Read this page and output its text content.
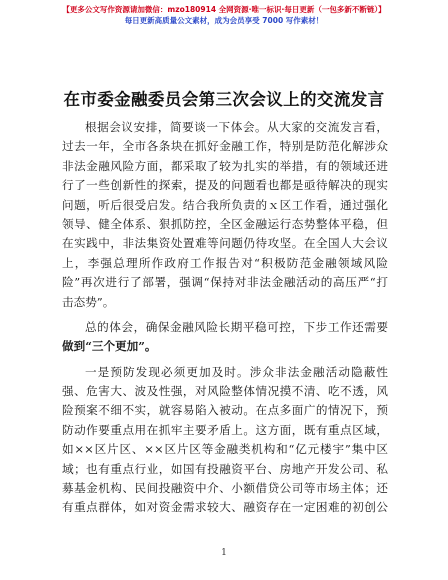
【更多公文写作资源请加微信：mzo180914 全网资源·唯一标识·每日更新（一包多新不断链）】
每日更新高质量公文素材，成为会员享受 7000 写作素材！
在市委金融委员会第三次会议上的交流发言
根据会议安排，简要谈一下体会。从大家的交流发言看，
过去一年，全市各条块在抓好金融工作，特别是防范化解涉众
非法金融风险方面，都采取了较为扎实的举措，有的领域还进
行了一些创新性的探索，提及的问题看也都是亟待解决的现实
问题，听后很受启发。结合我所负责的ｘ区工作看，通过强化
领导、健全体系、狠抓防控，全区金融运行态势整体平稳，但
在实践中，非法集资处置难等问题仍待攻坚。在全国人大会议
上，李强总理所作政府工作报告对“积极防范金融领域风险
险”再次进行了部署，强调“保持对非法金融活动的高压严“打
击态势”。
总的体会，确保金融风险长期平稳可控，下步工作还需要
做到“三个更加”。
一是预防发现必须更加及时。涉众非法金融活动隐蔽性
强、危害大、波及性强，对风险整体情况摸不清、吃不透，风
险预案不细不实，就容易陷入被动。在点多面广的情况下，预
防动作要重点用在抓牢主要矛盾上。这方面，既有重点区域，
如××区片区、××区片区等金融类机构和“亿元楼宇”集中区
域；也有重点行业，如国有投融资平台、房地产开发公司、私
募基金机构、民间投融资中介、小额借贷公司等市场主体；还
有重点群体，如对资金需求较大、融资存在一定困难的初创公
1
